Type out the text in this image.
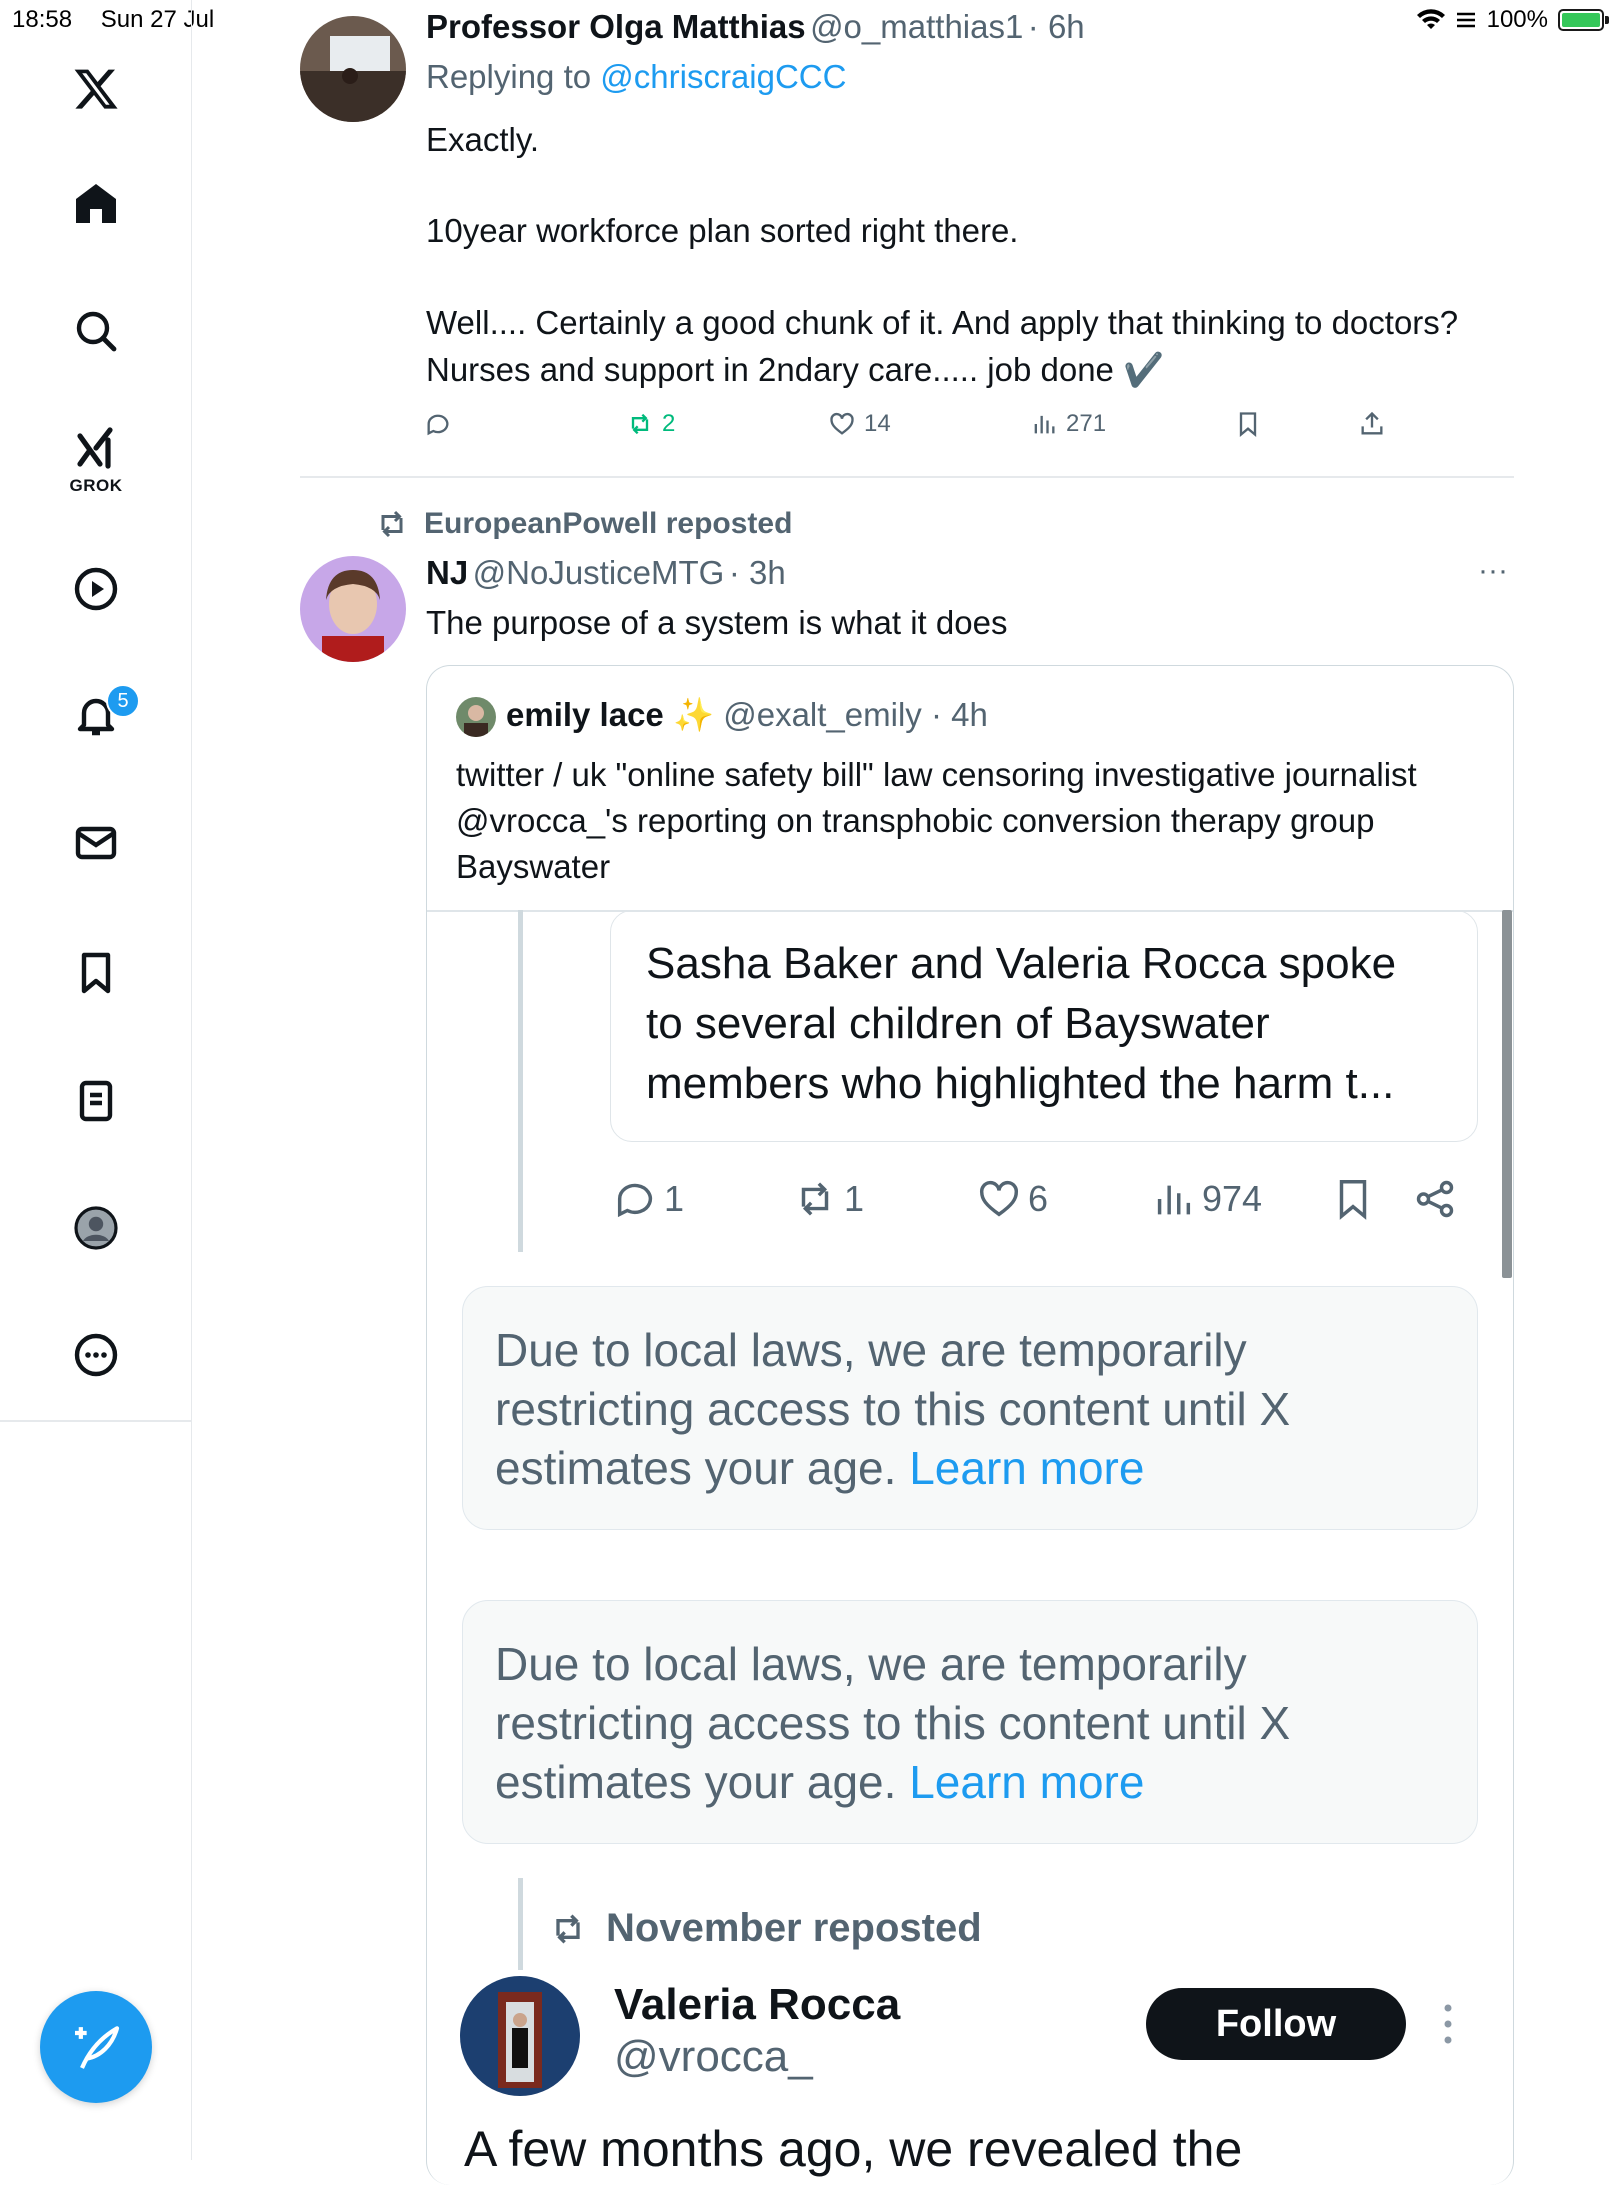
18:58 Sun 27 Jul	100%
GROK
5
Professor Olga Matthias @o_matthias1 · 6h
Replying to @chriscraigCCC
Exactly.
10year workforce plan sorted right there.
Well.... Certainly a good chunk of it. And apply that thinking to doctors?
Nurses and support in 2ndary care..... job done ✔️
2	14	271
EuropeanPowell reposted
NJ @NoJusticeMTG · 3h	···
The purpose of a system is what it does
emily lace ✨ @exalt_emily · 4h
twitter / uk "online safety bill" law censoring investigative journalist
@vrocca_'s reporting on transphobic conversion therapy group
Bayswater
Sasha Baker and Valeria Rocca spoke
to several children of Bayswater
members who highlighted the harm t...
1	1	6	974
Due to local laws, we are temporarily restricting access to this content until X estimates your age. Learn more
Due to local laws, we are temporarily restricting access to this content until X estimates your age. Learn more
November reposted
Valeria Rocca
@vrocca_
Follow
A few months ago, we revealed the
